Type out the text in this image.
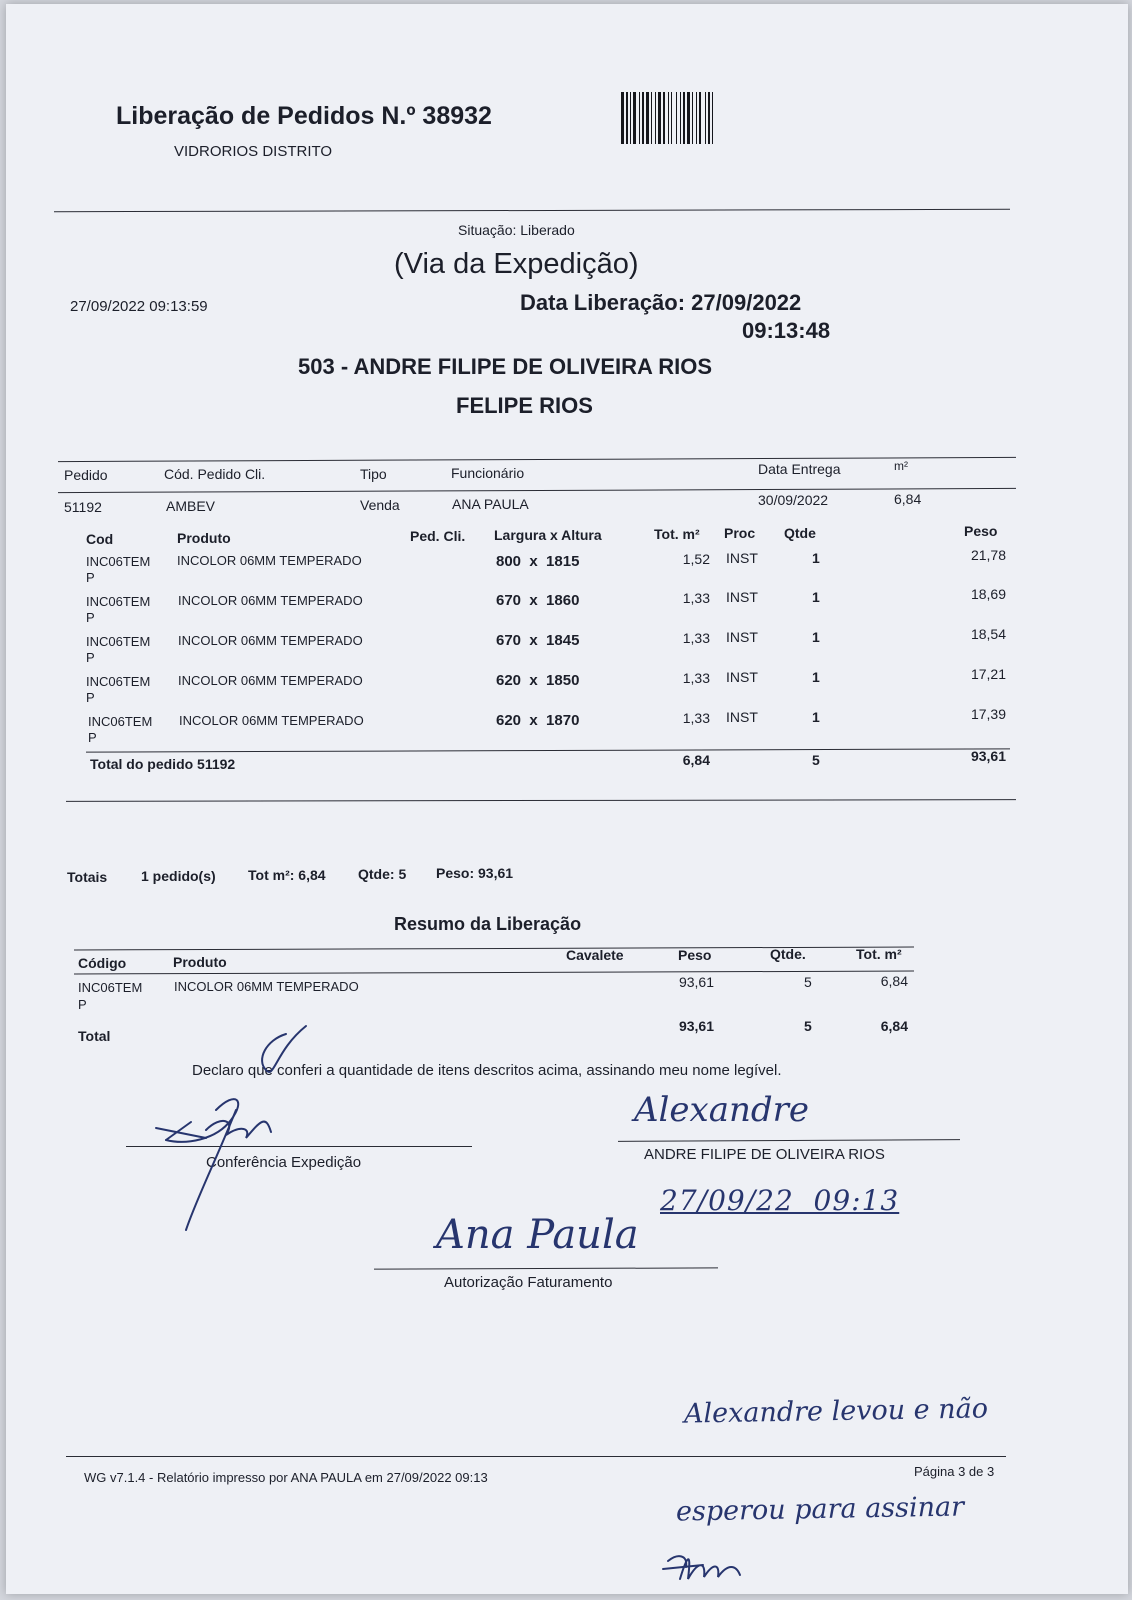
Liberação de Pedidos N.º 38932
VIDRORIOS DISTRITO
Situação: Liberado
(Via da Expedição)
27/09/2022 09:13:59	Data Liberação: 27/09/2022
09:13:48
503 - ANDRE FILIPE DE OLIVEIRA RIOS
FELIPE RIOS
Pedido	Cód. Pedido Cli.	Tipo	Funcionário	Data Entrega	m²
51192	AMBEV	Venda	ANA PAULA	30/09/2022	6,84
Cod	Produto	Ped. Cli. Largura x Altura	Tot. m² Proc Qtde	Peso
INC06TEM
P
INCOLOR 06MM TEMPERADO	800  x  1815	1,52 INST	1	21,78
INC06TEM
P
INCOLOR 06MM TEMPERADO	670  x  1860	1,33 INST	1	18,69
INC06TEM
P
INCOLOR 06MM TEMPERADO	670  x  1845	1,33 INST	1	18,54
INC06TEM
P
INCOLOR 06MM TEMPERADO	620  x  1850	1,33 INST	1	17,21
INC06TEM
P
INCOLOR 06MM TEMPERADO	620  x  1870	1,33 INST	1	17,39
Total do pedido 51192	6,84	5	93,61
Totais 1 pedido(s) Tot m²: 6,84 Qtde: 5 Peso: 93,61
Resumo da Liberação
Código	Produto	Cavalete	Peso	Qtde.	Tot. m²
INC06TEM
P
INCOLOR 06MM TEMPERADO	93,61	5	6,84
Total
93,61	5	6,84
Declaro que conferi a quantidade de itens descritos acima, assinando meu nome legível.
Conferência Expedição	ANDRE FILIPE DE OLIVEIRA RIOS
Autorização Faturamento
Alexandre
27/09/22  09:13
Ana Paula
Alexandre levou e não
esperou para assinar
WG v7.1.4 - Relatório impresso por ANA PAULA em 27/09/2022 09:13	Página 3 de 3
